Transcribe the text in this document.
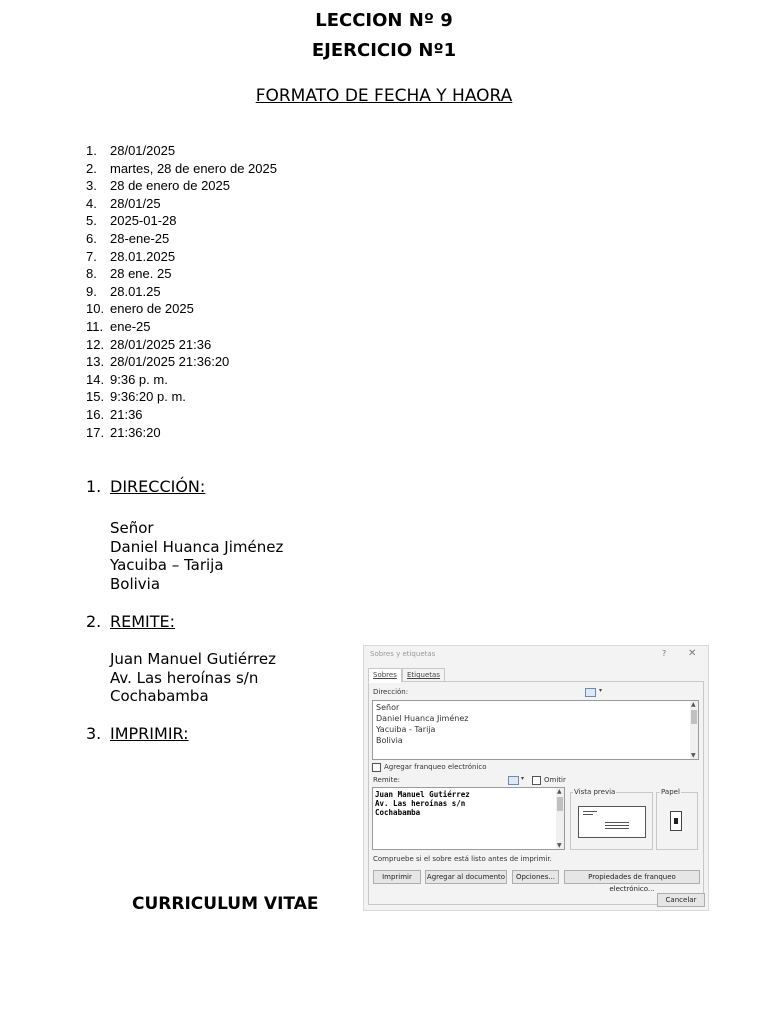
LECCION Nº 9
EJERCICIO Nº1
FORMATO DE FECHA Y HAORA
1. 28/01/2025
2. martes, 28 de enero de 2025
3. 28 de enero de 2025
4. 28/01/25
5. 2025-01-28
6. 28-ene-25
7. 28.01.2025
8. 28 ene. 25
9. 28.01.25
10. enero de 2025
11. ene-25
12. 28/01/2025 21:36
13. 28/01/2025 21:36:20
14. 9:36 p. m.
15. 9:36:20 p. m.
16. 21:36
17. 21:36:20
1. DIRECCIÓN:
Señor
Daniel Huanca Jiménez
Yacuiba – Tarija
Bolivia
2. REMITE:
Juan Manuel Gutiérrez
Av. Las heroínas s/n
Cochabamba
3. IMPRIMIR:
CURRICULUM VITAE
Sobres y etiquetas	? ✕
Sobres	Etiquetas
Dirección:	▾
Señor
Daniel Huanca Jiménez
Yacuiba - Tarija
Bolivia
▲
▼
Agregar franqueo electrónico
Remite:	▾	Omitir
Juan Manuel Gutiérrez
Av. Las heroínas s/n
Cochabamba
▲
▼
Vista previa	Papel
Compruebe si el sobre está listo antes de imprimir.
Imprimir	Agregar al documento	Opciones...	Propiedades de franqueo electrónico...
Cancelar
